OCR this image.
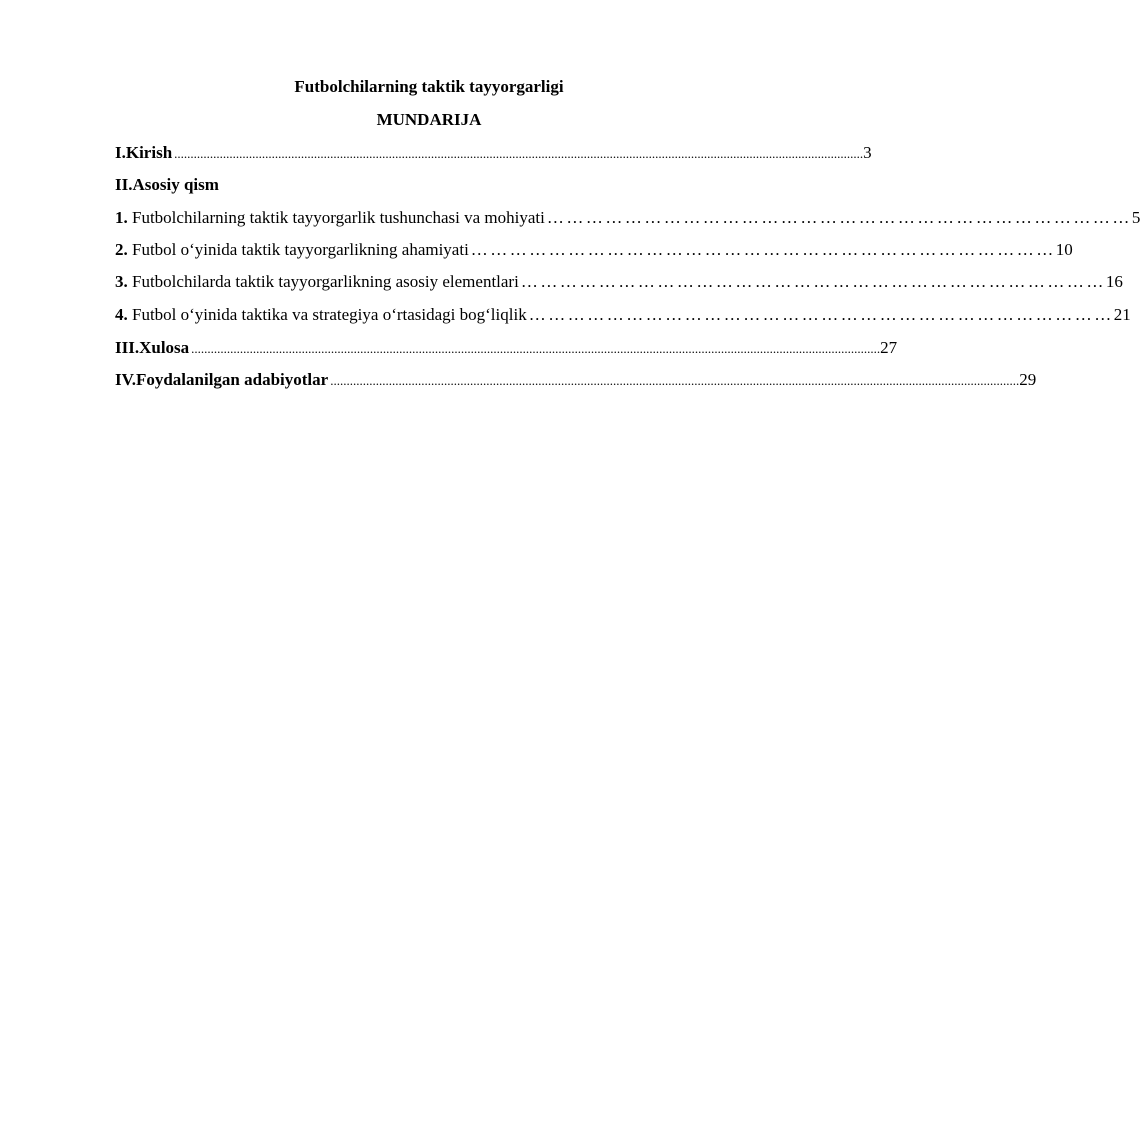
Futbolchilarning taktik tayyorgarligi
MUNDARIJA
I.Kirish .................................................................................................................................................................................................................... 3
II.Asosiy qism
1. Futbolchilarning taktik tayyorgarlik tushunchasi va mohiyati ……………………………………………………………………………… 5
2. Futbol o‘yinida taktik tayyorgarlikning ahamiyati ……………………………………………………………………………… 10
3. Futbolchilarda taktik tayyorgarlikning asosiy elementlari ……………………………………………………………………………… 16
4. Futbol o‘yinida taktika va strategiya o‘rtasidagi bog‘liqlik ……………………………………………………………………………… 21
III.Xulosa .................................................................................................................................................................................................................... 27
IV.Foydalanilgan adabiyotlar .................................................................................................................................................................................................................... 29
